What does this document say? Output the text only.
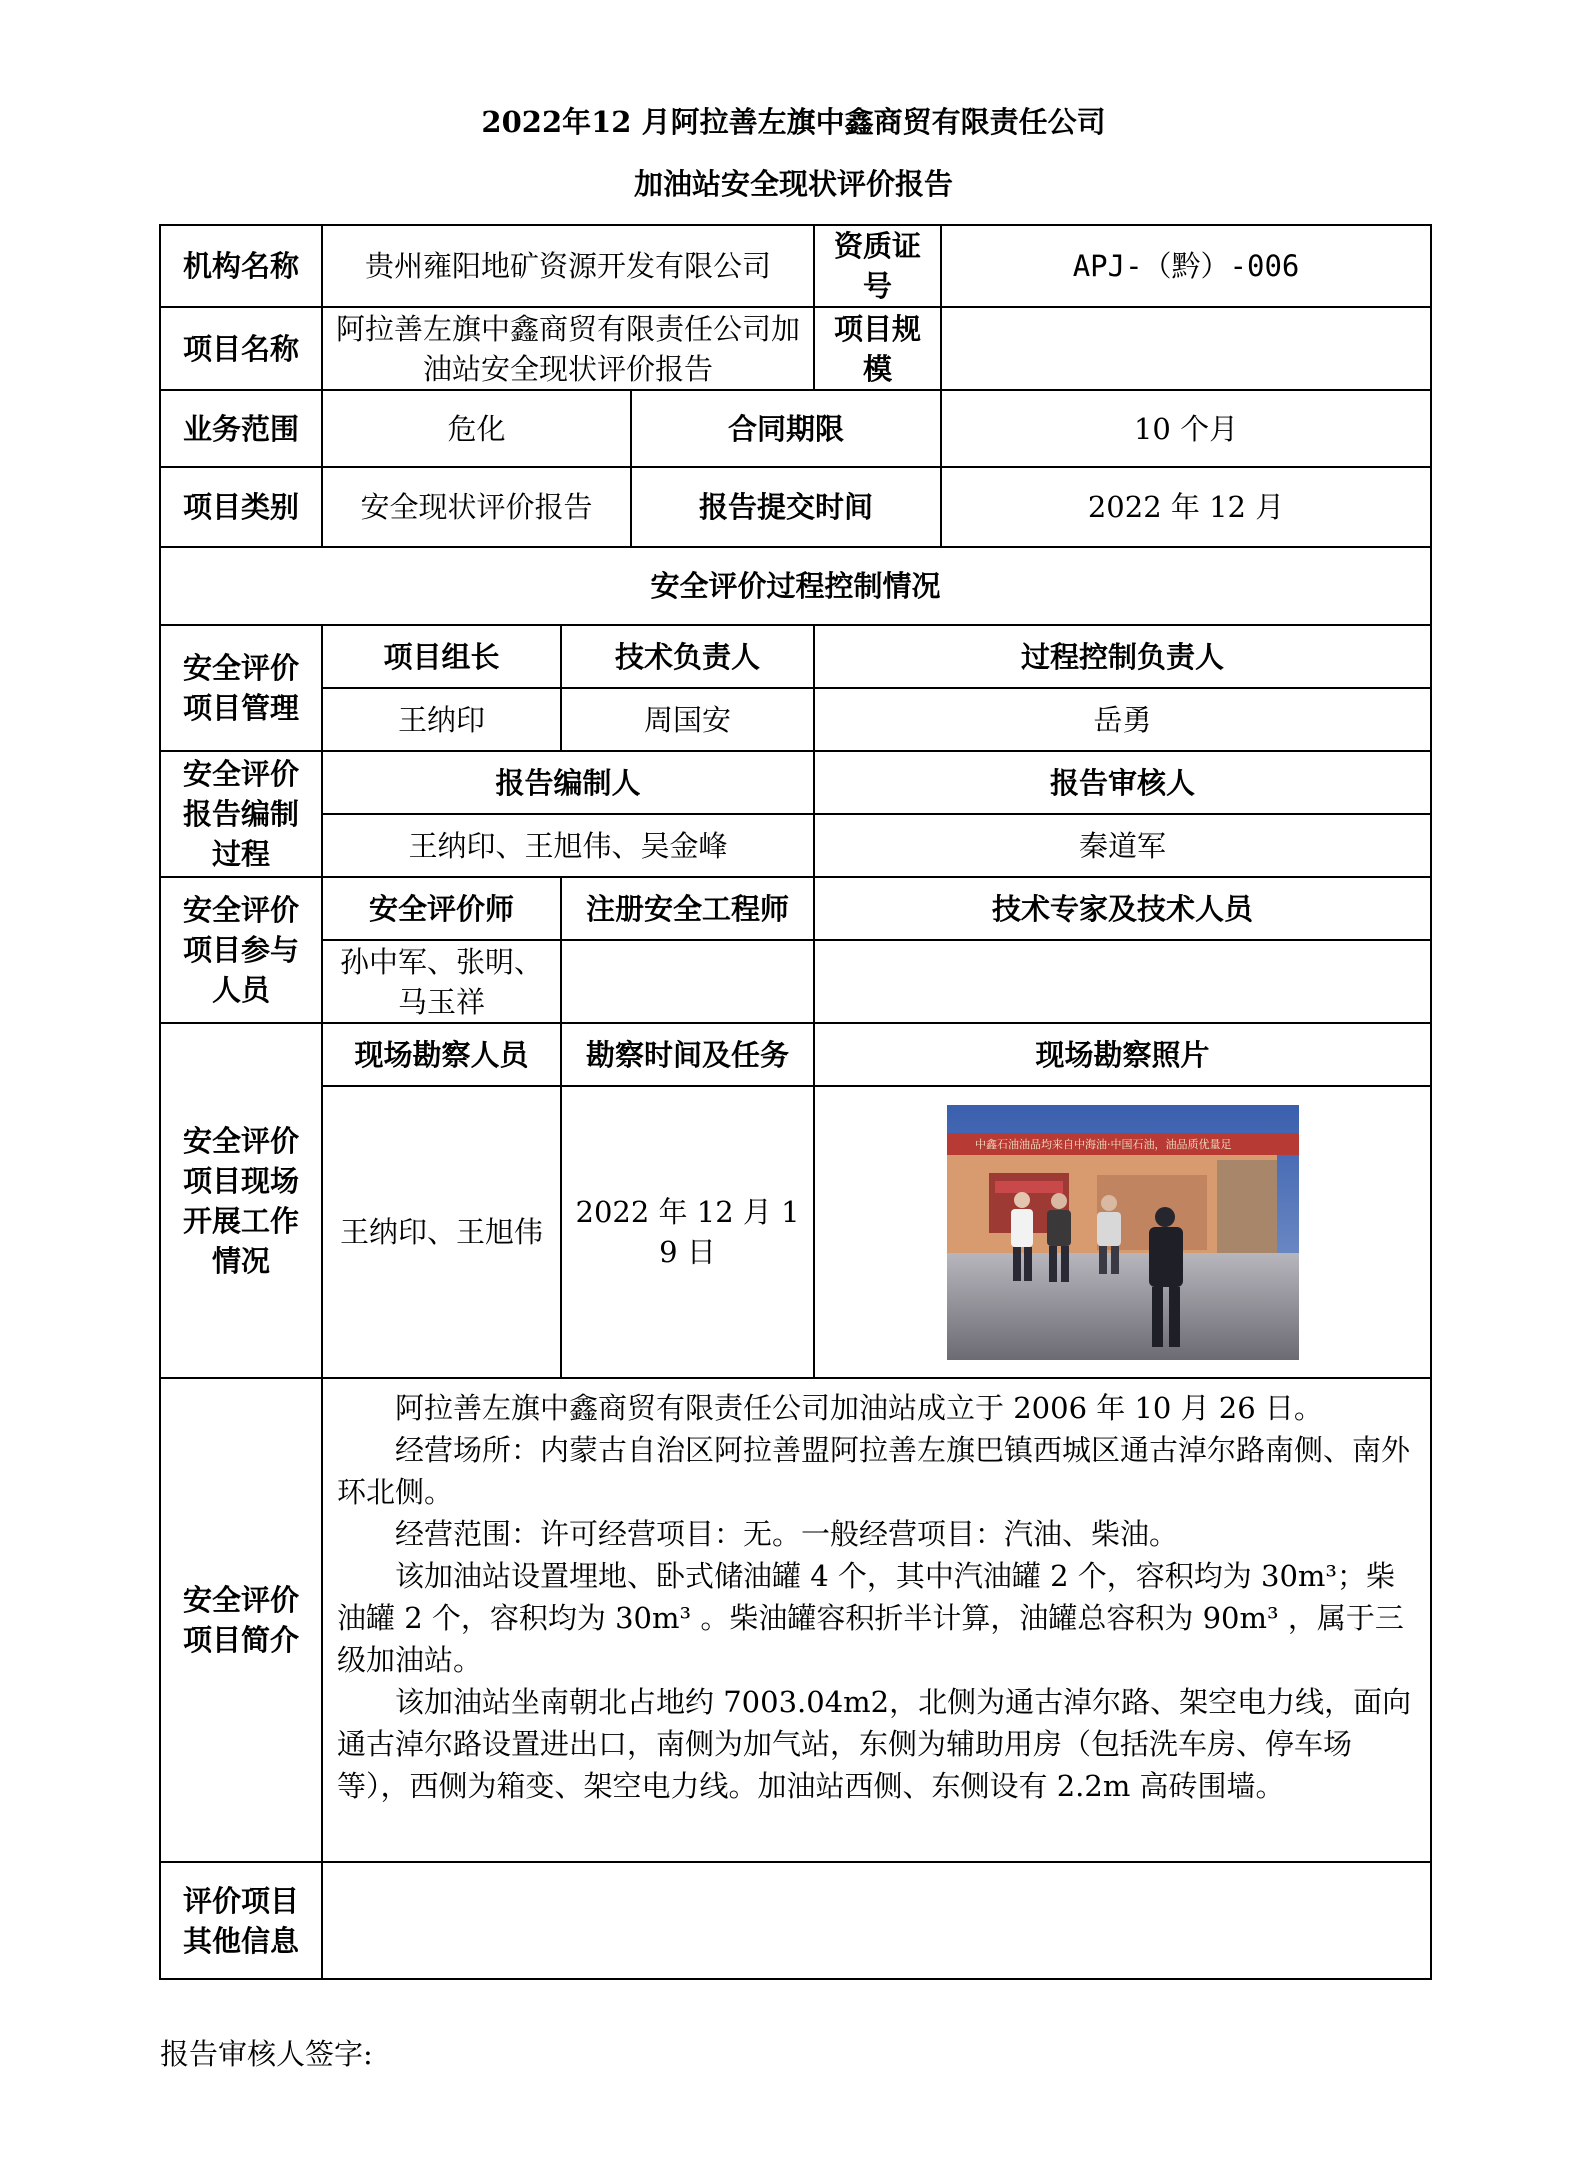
2022年12 月阿拉善左旗中鑫商贸有限责任公司
加油站安全现状评价报告
机构名称	贵州雍阳地矿资源开发有限公司			资质证号	APJ-（黔）-006
项目名称	阿拉善左旗中鑫商贸有限责任公司加油站安全现状评价报告			项目规模	
业务范围	危化		合同期限		10 个月
项目类别	安全现状评价报告		报告提交时间		2022 年 12 月
安全评价过程控制情况					
安全评价项目管理	项目组长	技术负责人		过程控制负责人	
	王纳印	周国安		岳勇	
安全评价报告编制过程	报告编制人			报告审核人	
	王纳印、王旭伟、吴金峰			秦道军	
安全评价项目参与人员	安全评价师	注册安全工程师		技术专家及技术人员	
	孙中军、张明、马玉祥				
安全评价项目现场开展工作情况	现场勘察人员	勘察时间及任务		现场勘察照片	
	王纳印、王旭伟	2022 年 12 月 19 日		中鑫石油油品均来自中海油·中国石油，油品质优量足	

安全评价项目简介	阿拉善左旗中鑫商贸有限责任公司加油站成立于 2006 年 10 月 26 日。

经营场所：内蒙古自治区阿拉善盟阿拉善左旗巴镇西城区通古淖尔路南侧、南外环北侧。

经营范围：许可经营项目：无。一般经营项目：汽油、柴油。

该加油站设置埋地、卧式储油罐 4 个，其中汽油罐 2 个，容积均为 30m³；柴油罐 2 个，容积均为 30m³ 。柴油罐容积折半计算，油罐总容积为 90m³ ，属于三级加油站。

该加油站坐南朝北占地约 7003.04m2，北侧为通古淖尔路、架空电力线，面向通古淖尔路设置进出口，南侧为加气站，东侧为辅助用房（包括洗车房、停车场等），西侧为箱变、架空电力线。加油站西侧、东侧设有 2.2m 高砖围墙。				

评价项目其他信息					
报告审核人签字:
